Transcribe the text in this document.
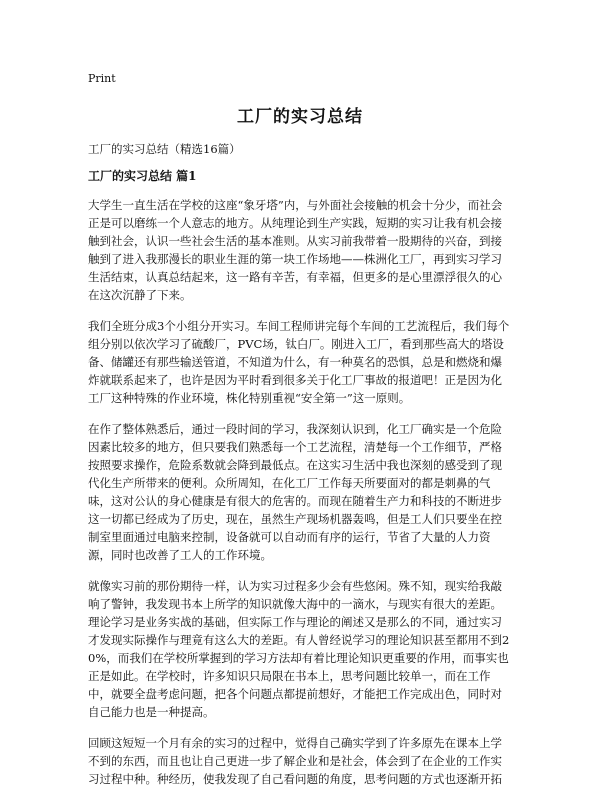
Print
工厂的实习总结
工厂的实习总结（精选16篇）
工厂的实习总结 篇1

大学生一直生活在学校的这座“象牙塔”内，与外面社会接触的机会十分少，而社会正是可以磨练一个人意志的地方。从纯理论到生产实践，短期的实习让我有机会接触到社会，认识一些社会生活的基本准则。从实习前我带着一股期待的兴奋，到接触到了进入我那漫长的职业生涯的第一块工作场地——株洲化工厂，再到实习学习生活结束，认真总结起来，这一路有辛苦，有幸福，但更多的是心里漂浮很久的心在这次沉静了下来。

我们全班分成3个小组分开实习。车间工程师讲完每个车间的工艺流程后，我们每个组分别以依次学习了硫酸厂，PVC场，钛白厂。刚进入工厂，看到那些高大的塔设备、储罐还有那些输送管道，不知道为什么，有一种莫名的恐惧，总是和燃烧和爆炸就联系起来了，也许是因为平时看到很多关于化工厂事故的报道吧！正是因为化工厂这种特殊的作业环境，株化特别重视“安全第一”这一原则。

在作了整体熟悉后，通过一段时间的学习，我深刻认识到，化工厂确实是一个危险因素比较多的地方，但只要我们熟悉每一个工艺流程，清楚每一个工作细节，严格按照要求操作，危险系数就会降到最低点。在这实习生活中我也深刻的感受到了现代化生产所带来的便利。众所周知，在化工厂工作每天所要面对的都是刺鼻的气味，这对公认的身心健康是有很大的危害的。而现在随着生产力和科技的不断进步这一切都已经成为了历史，现在，虽然生产现场机器轰鸣，但是工人们只要坐在控制室里面通过电脑来控制，设备就可以自动而有序的运行，节省了大量的人力资源，同时也改善了工人的工作环境。

就像实习前的那份期待一样，认为实习过程多少会有些悠闲。殊不知，现实给我敲响了警钟，我发现书本上所学的知识就像大海中的一滴水，与现实有很大的差距。理论学习是业务实战的基础，但实际工作与理论的阐述又是那么的不同，通过实习才发现实际操作与理竟有这么大的差距。有人曾经说学习的理论知识甚至都用不到20%，而我们在学校所掌握到的学习方法却有着比理论知识更重要的作用，而事实也正是如此。在学校时，许多知识只局限在书本上，思考问题比较单一，而在工作中，就要全盘考虑问题，把各个问题点都提前想好，才能把工作完成出色，同时对自己能力也是一种提高。

回顾这短短一个月有余的实习的过程中，觉得自己确实学到了许多原先在课本上学不到的东西，而且也让自己更进一步了解企业和是社会，体会到了在企业的工作实习过程中种。种经历，使我发现了自己看问题的角度，思考问题的方式也逐渐开拓
